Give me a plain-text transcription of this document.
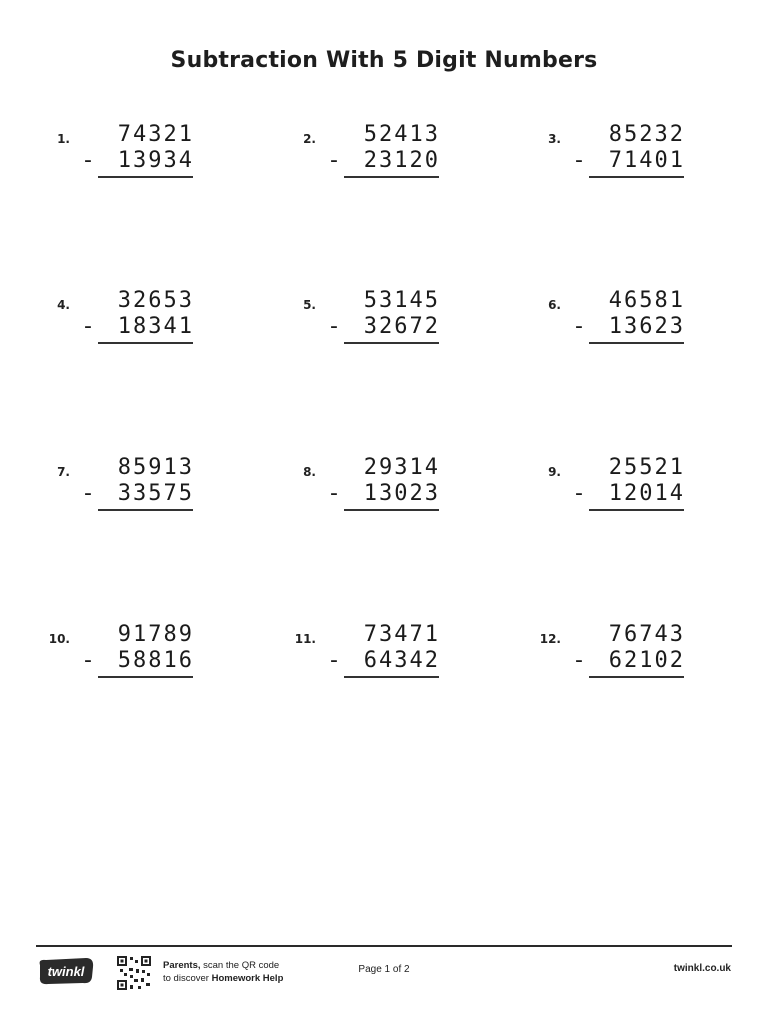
Subtraction With 5 Digit Numbers
1.	74321
-	13934
2.	52413
-	23120
3.	85232
-	71401
4.	32653
-	18341
5.	53145
-	32672
6.	46581
-	13623
7.	85913
-	33575
8.	29314
-	13023
9.	25521
-	12014
10.	91789
-	58816
11.	73471
-	64342
12.	76743
-	62102
twinkl	Parents, scan the QR code
to discover Homework Help
Page 1 of 2	twinkl.co.uk
